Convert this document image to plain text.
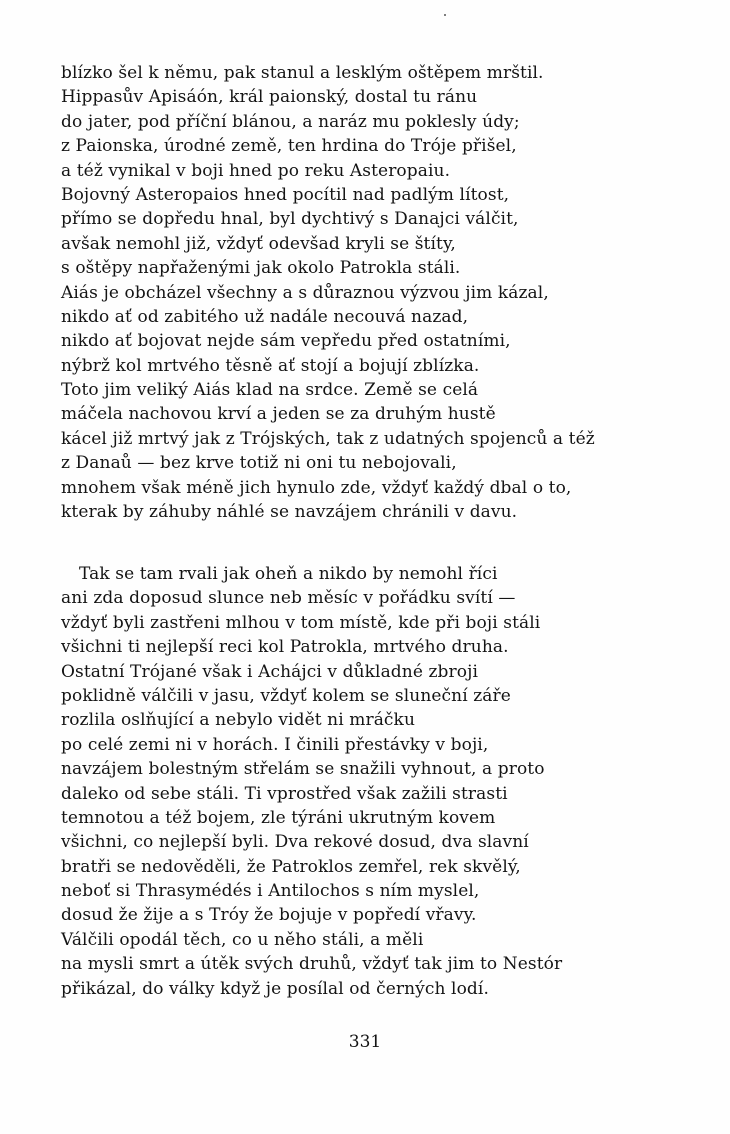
blízko šel k němu, pak stanul a lesklým oštěpem mrštil.
Hippasův Apisáón, král paionský, dostal tu ránu
do jater, pod příční blánou, a naráz mu poklesly údy;
z Paionska, úrodné země, ten hrdina do Tróje přišel,
a též vynikal v boji hned po reku Asteropaiu.
Bojovný Asteropaios hned pocítil nad padlým lítost,
přímo se dopředu hnal, byl dychtivý s Danajci válčit,
avšak nemohl již, vždyť odevšad kryli se štíty,
s oštěpy napřaženými jak okolo Patrokla stáli.
Aiás je obcházel všechny a s důraznou výzvou jim kázal,
nikdo ať od zabitého už nadále necouvá nazad,
nikdo ať bojovat nejde sám vepředu před ostatními,
nýbrž kol mrtvého těsně ať stojí a bojují zblízka.
Toto jim veliký Aiás klad na srdce. Země se celá
máčela nachovou krví a jeden se za druhým hustě
kácel již mrtvý jak z Trójských, tak z udatných spojenců a též
z Danaů — bez krve totiž ni oni tu nebojovali,
mnohem však méně jich hynulo zde, vždyť každý dbal o to,
kterak by záhuby náhlé se navzájem chránili v davu.
Tak se tam rvali jak oheň a nikdo by nemohl říci
ani zda doposud slunce neb měsíc v pořádku svítí —
vždyť byli zastřeni mlhou v tom místě, kde při boji stáli
všichni ti nejlepší reci kol Patrokla, mrtvého druha.
Ostatní Trójané však i Achájci v důkladné zbroji
poklidně válčili v jasu, vždyť kolem se sluneční záře
rozlila oslňující a nebylo vidět ni mráčku
po celé zemi ni v horách. I činili přestávky v boji,
navzájem bolestným střelám se snažili vyhnout, a proto
daleko od sebe stáli. Ti vprostřed však zažili strasti
temnotou a též bojem, zle týráni ukrutným kovem
všichni, co nejlepší byli. Dva rekové dosud, dva slavní
bratři se nedověděli, že Patroklos zemřel, rek skvělý,
neboť si Thrasymédés i Antilochos s ním myslel,
dosud že žije a s Tróy že bojuje v popředí vřavy.
Válčili opodál těch, co u něho stáli, a měli
na mysli smrt a útěk svých druhů, vždyť tak jim to Nestór
přikázal, do války když je posílal od černých lodí.
331
